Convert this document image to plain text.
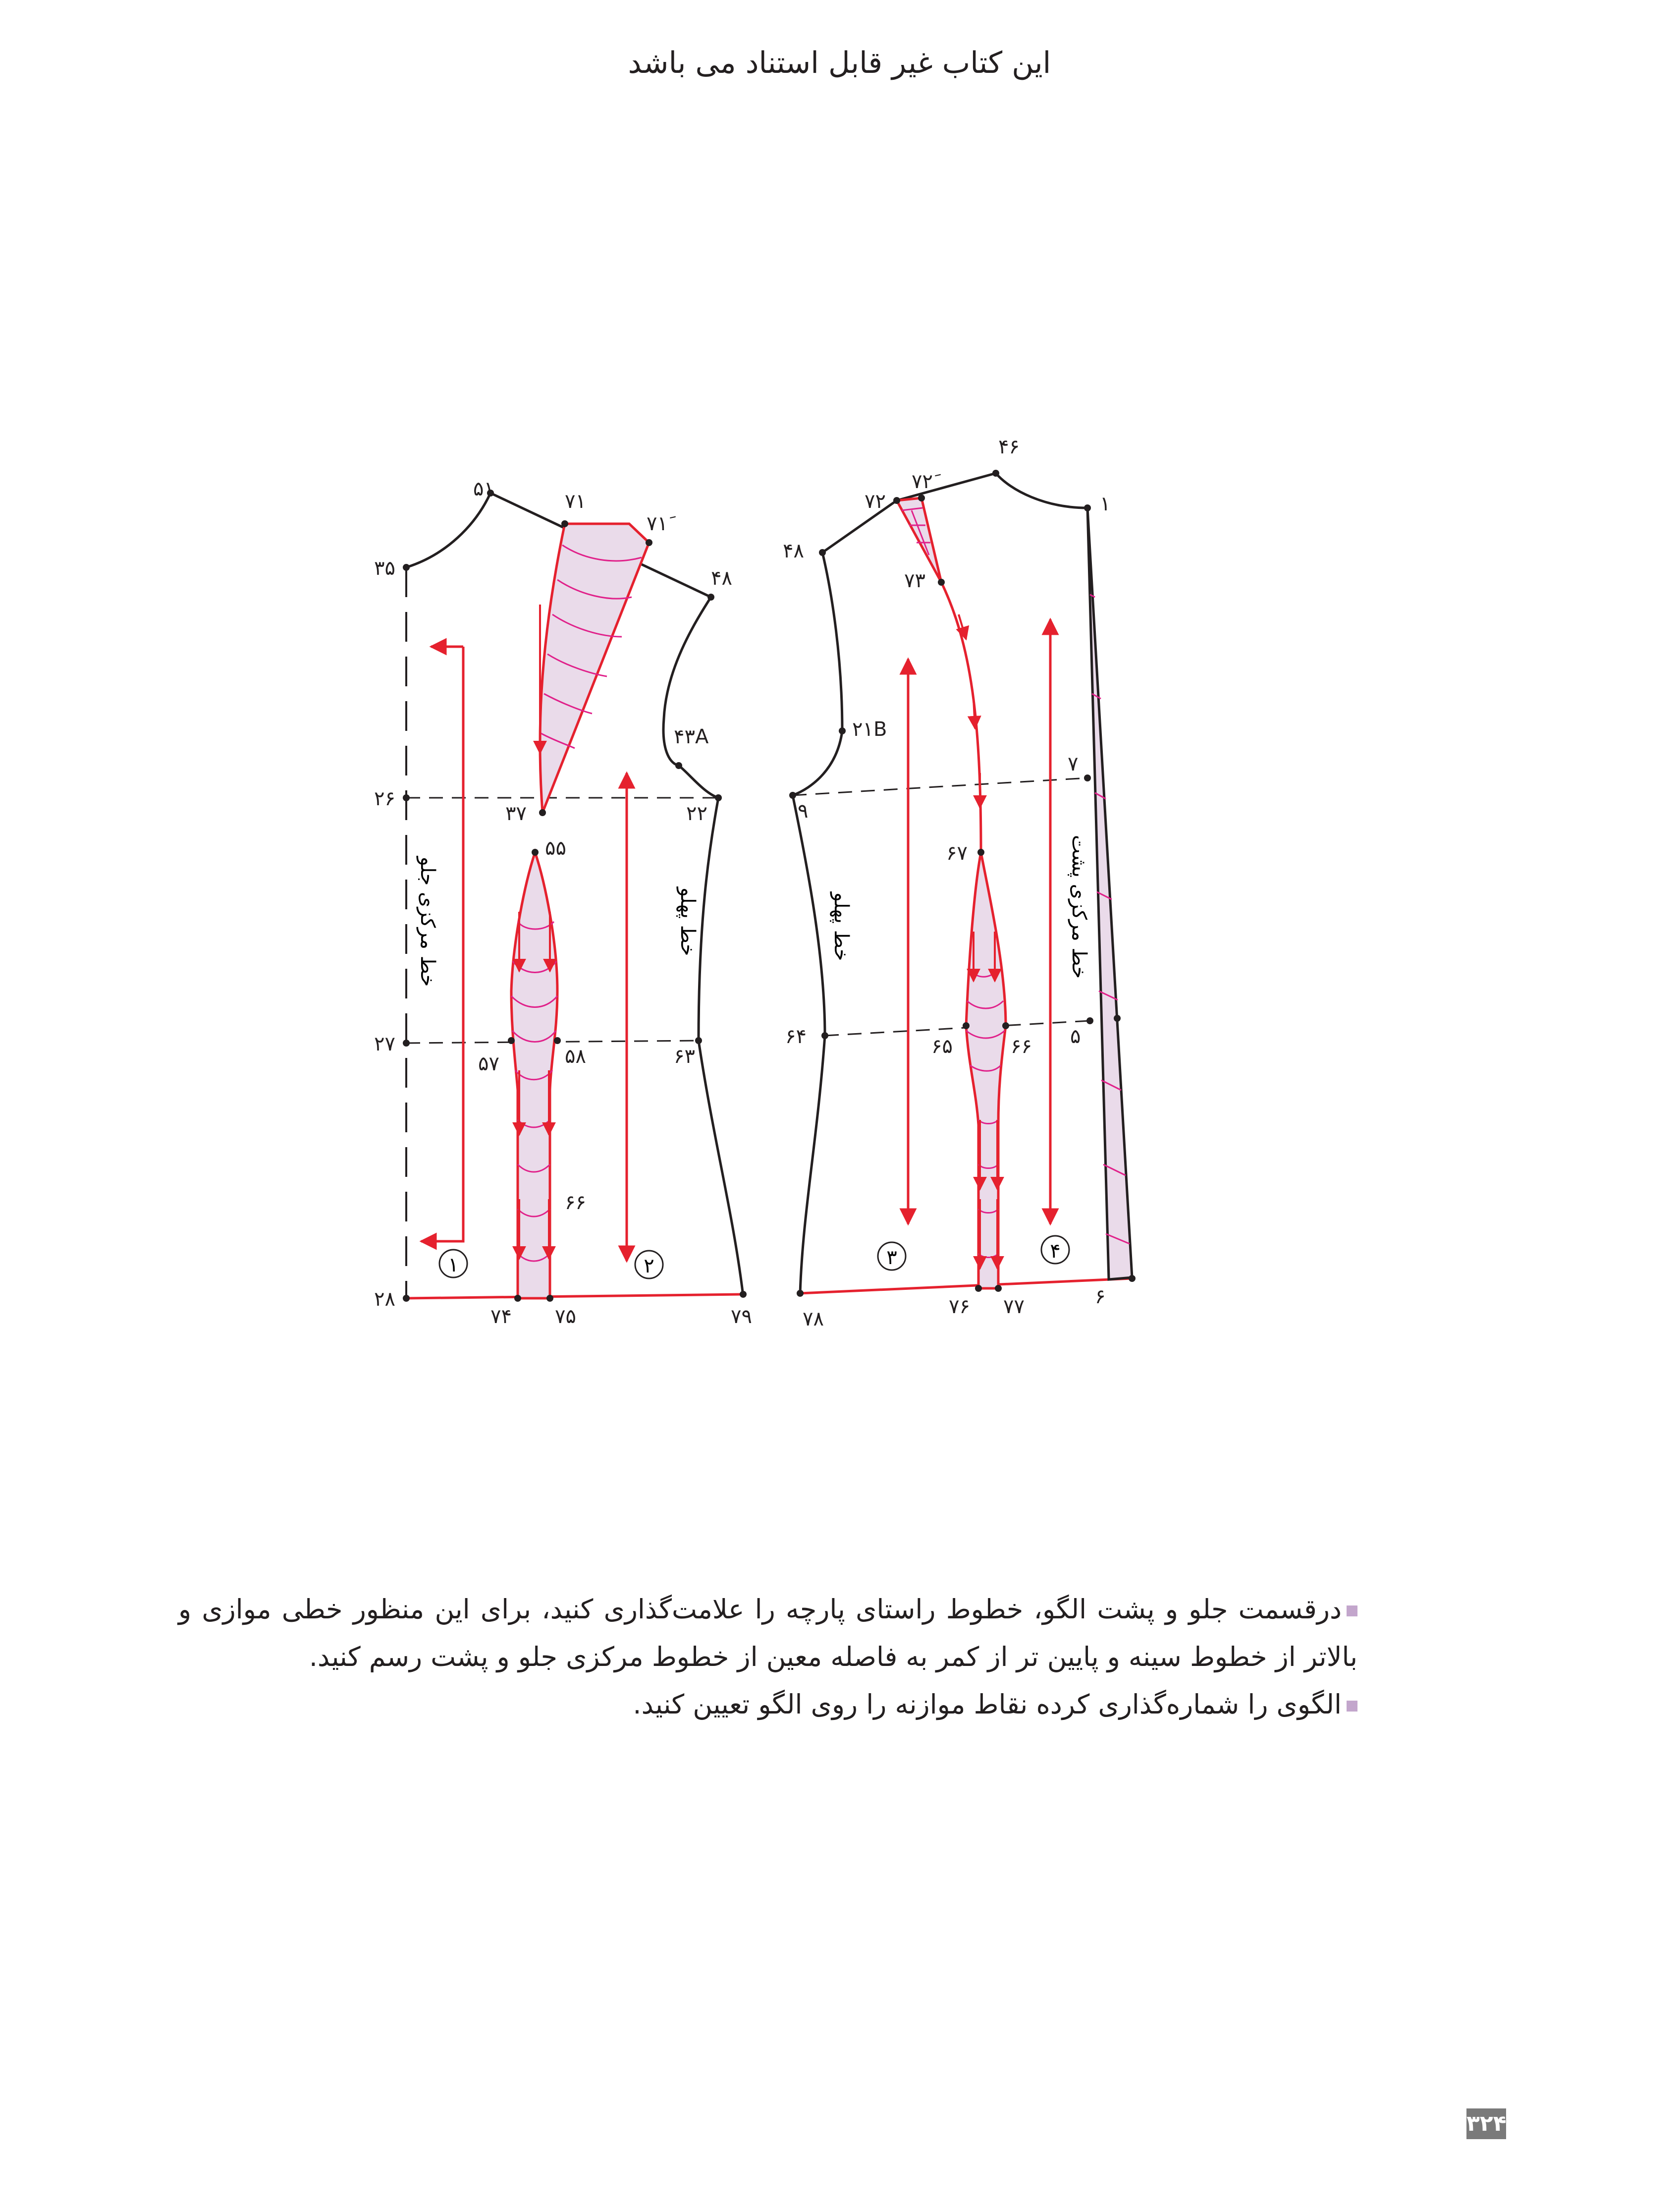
این کتاب غیر قابل استناد می باشد
۱	۲
خط مرکزی جلو	خط پهلو
۵۱
۷۱
۷۱َ
۳۵	۴۸
۴۳A
۲۶
۳۷	۲۲
۵۵
۲۷
۵۷	۵۸	۶۳
۶۶
۲۸
۷۴ ۷۵	۷۹
۳	۴
خط پهلو	خط مرکزی پشت
۴۶
۷۲
۷۲َ
۱
۴۸
۷۳
۲۱B
۹
۷
۶۷
۶۴	۶۵	۶۶ ۵
۷۸
۷۶ ۷۷	۶
درقسمت جلو و پشت الگو، خطوط راستای پارچه را علامت‌گذاری کنید، برای این منظور خطی موازی و بالاتر از خطوط سینه و پایین تر از کمر به فاصله معین از خطوط مرکزی جلو و پشت رسم کنید.
الگوی را شماره‌گذاری کرده نقاط موازنه را روی الگو تعیین کنید.
۳۲۴
